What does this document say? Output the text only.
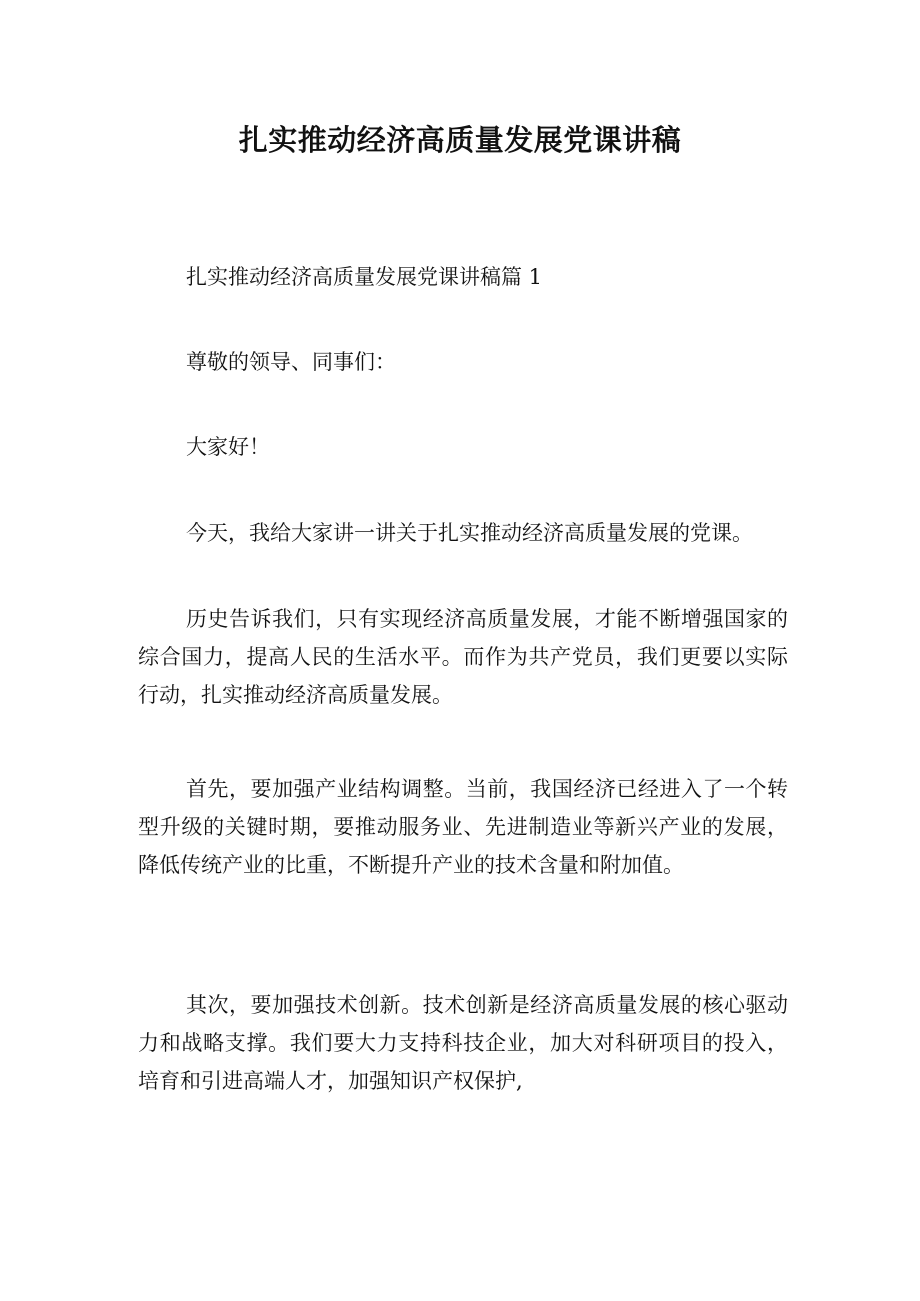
扎实推动经济高质量发展党课讲稿

扎实推动经济高质量发展党课讲稿篇 1

尊敬的领导、同事们：

大家好！

今天，我给大家讲一讲关于扎实推动经济高质量发展的党课。

历史告诉我们，只有实现经济高质量发展，才能不断增强国家的综合国力，提高人民的生活水平。而作为共产党员，我们更要以实际行动，扎实推动经济高质量发展。

首先，要加强产业结构调整。当前，我国经济已经进入了一个转型升级的关键时期，要推动服务业、先进制造业等新兴产业的发展，降低传统产业的比重，不断提升产业的技术含量和附加值。

其次，要加强技术创新。技术创新是经济高质量发展的核心驱动力和战略支撑。我们要大力支持科技企业，加大对科研项目的投入，培育和引进高端人才，加强知识产权保护,
